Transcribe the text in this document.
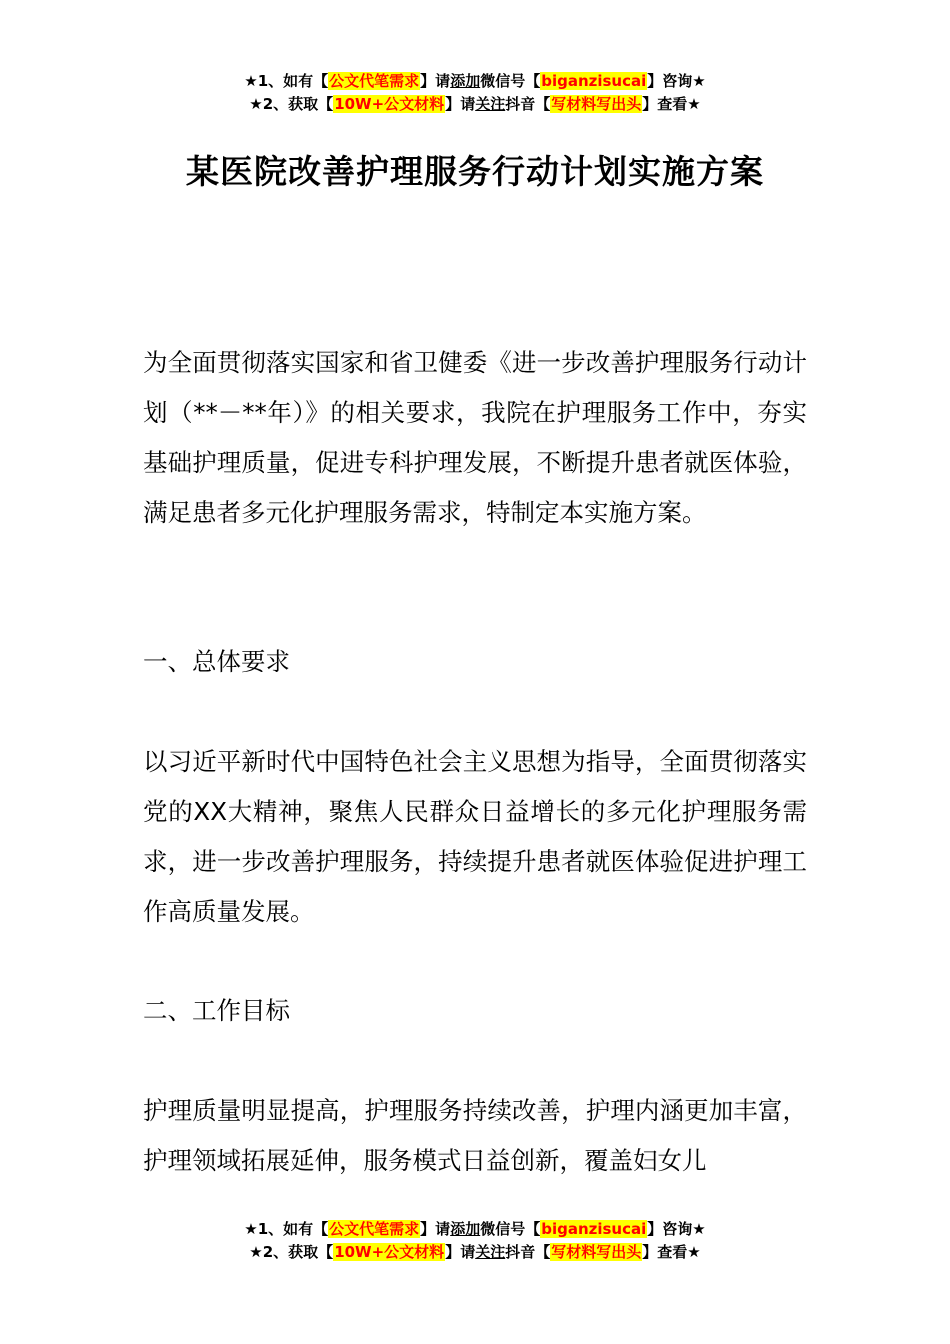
★1、如有【公文代笔需求】请添加微信号【biganzisucai】咨询★
★2、获取【10W+公文材料】请关注抖音【写材料写出头】查看★
某医院改善护理服务行动计划实施方案

为全面贯彻落实国家和省卫健委《进一步改善护理服务行动计划（**－**年）》的相关要求，我院在护理服务工作中，夯实基础护理质量，促进专科护理发展，不断提升患者就医体验，满足患者多元化护理服务需求，特制定本实施方案。

一、总体要求

以习近平新时代中国特色社会主义思想为指导，全面贯彻落实党的XX大精神，聚焦人民群众日益增长的多元化护理服务需求，进一步改善护理服务，持续提升患者就医体验促进护理工作高质量发展。

二、工作目标

护理质量明显提高，护理服务持续改善，护理内涵更加丰富，护理领域拓展延伸，服务模式日益创新，覆盖妇女儿

★1、如有【公文代笔需求】请添加微信号【biganzisucai】咨询★
★2、获取【10W+公文材料】请关注抖音【写材料写出头】查看★
